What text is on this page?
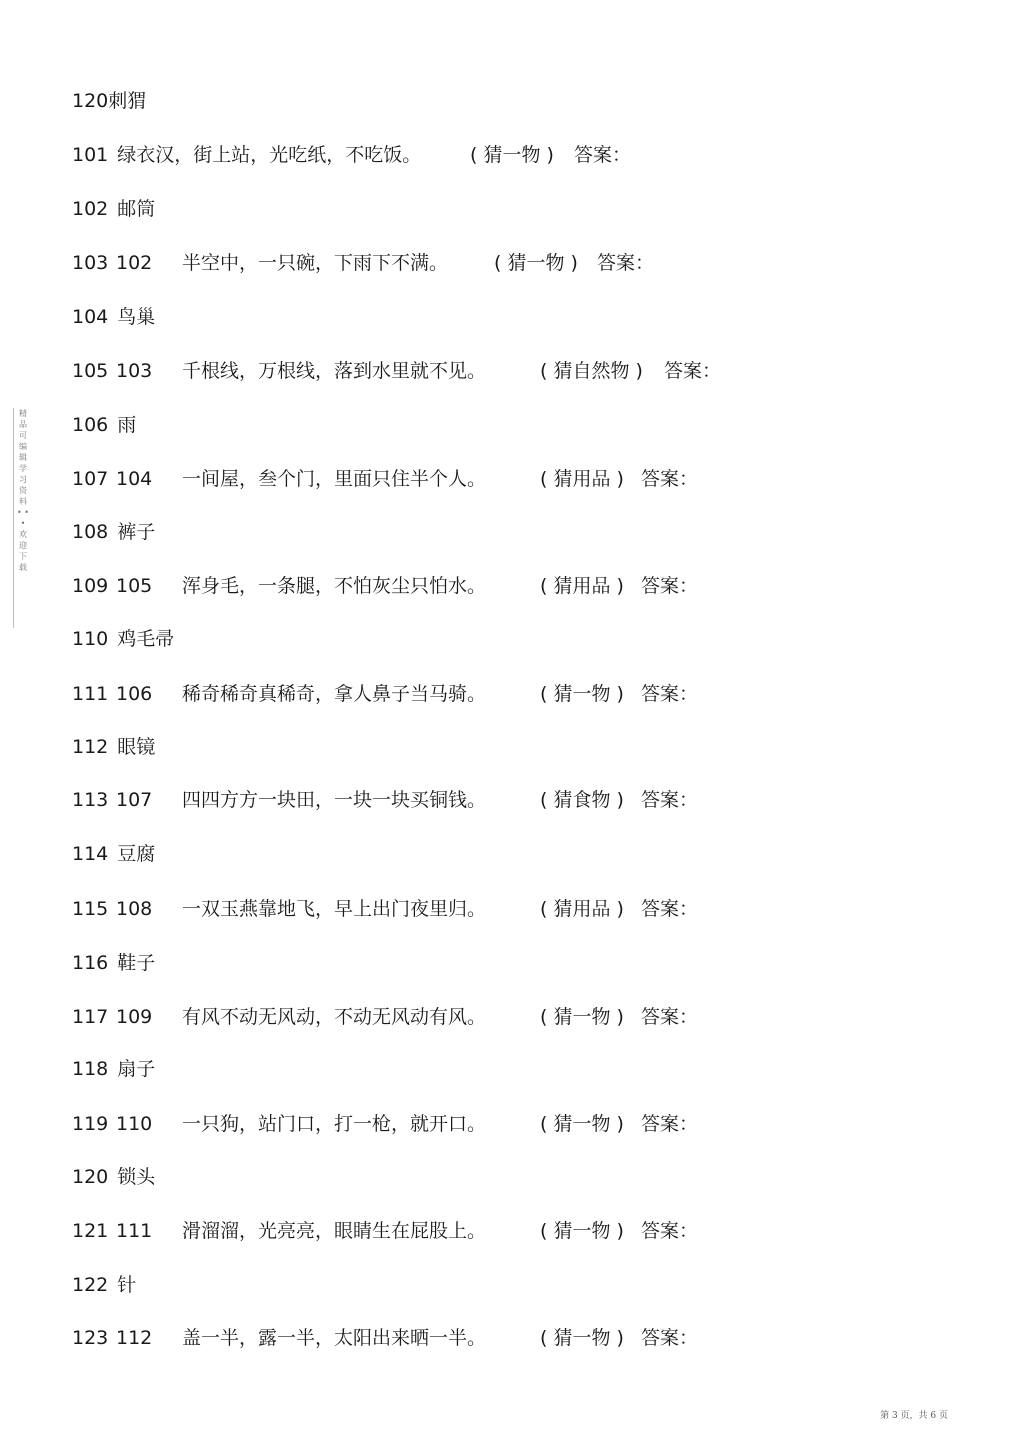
精品可编辑学习资料 • • • 欢迎下载
120刺猬
101 绿衣汉，街上站，光吃纸，不吃饭。	( 猜一物 ) 答案：
102 邮筒
103 102 半空中，一只碗，下雨下不满。 ( 猜一物 ) 答案：
104 鸟巢
105 103 千根线，万根线，落到水里就不见。	( 猜自然物 ) 答案：
106 雨
107 104 一间屋，叁个门，里面只住半个人。	( 猜用品 ) 答案：
108 裤子
109 105 浑身毛，一条腿，不怕灰尘只怕水。	( 猜用品 ) 答案：
110 鸡毛帚
111 106 稀奇稀奇真稀奇，拿人鼻子当马骑。	( 猜一物 ) 答案：
112 眼镜
113 107 四四方方一块田，一块一块买铜钱。	( 猜食物 ) 答案：
114 豆腐
115 108 一双玉燕靠地飞，早上出门夜里归。	( 猜用品 ) 答案：
116 鞋子
117 109 有风不动无风动，不动无风动有风。	( 猜一物 ) 答案：
118 扇子
119 110 一只狗，站门口，打一枪，就开口。	( 猜一物 ) 答案：
120 锁头
121 111 滑溜溜，光亮亮，眼睛生在屁股上。	( 猜一物 ) 答案：
122 针
123 112 盖一半，露一半，太阳出来晒一半。	( 猜一物 ) 答案：
第 3 页，共 6 页
